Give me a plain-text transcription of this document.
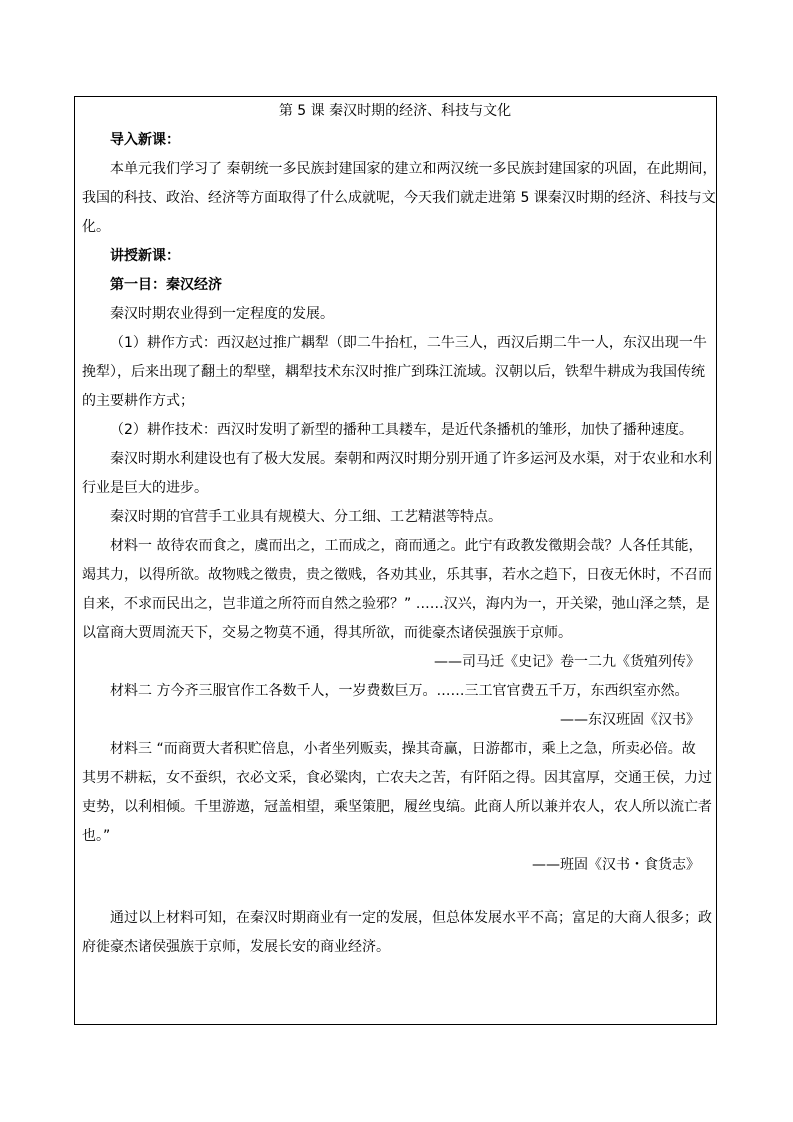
第 5 课 秦汉时期的经济、科技与文化
导入新课：
本单元我们学习了 秦朝统一多民族封建国家的建立和两汉统一多民族封建国家的巩固，在此期间，
我国的科技、政治、经济等方面取得了什么成就呢，今天我们就走进第 5 课秦汉时期的经济、科技与文
化。
讲授新课：
第一目：秦汉经济
秦汉时期农业得到一定程度的发展。
（1）耕作方式：西汉赵过推广耦犁（即二牛抬杠，二牛三人，西汉后期二牛一人，东汉出现一牛
挽犁），后来出现了翻土的犁壁，耦犁技术东汉时推广到珠江流域。汉朝以后，铁犁牛耕成为我国传统
的主要耕作方式；
（2）耕作技术：西汉时发明了新型的播种工具耧车，是近代条播机的雏形，加快了播种速度。
秦汉时期水利建设也有了极大发展。秦朝和两汉时期分别开通了许多运河及水渠，对于农业和水利
行业是巨大的进步。
秦汉时期的官营手工业具有规模大、分工细、工艺精湛等特点。
材料一 故待农而食之，虞而出之，工而成之，商而通之。此宁有政教发徵期会哉？人各任其能，
竭其力，以得所欲。故物贱之徵贵，贵之徵贱，各劝其业，乐其事，若水之趋下，日夜无休时，不召而
自来，不求而民出之，岂非道之所符而自然之验邪？” ……汉兴，海内为一，开关梁，弛山泽之禁，是
以富商大贾周流天下，交易之物莫不通，得其所欲，而徙豪杰诸侯强族于京师。
——司马迁《史记》卷一二九《货殖列传》
材料二 方今齐三服官作工各数千人，一岁费数巨万。……三工官官费五千万，东西织室亦然。
——东汉班固《汉书》
材料三 “而商贾大者积贮倍息，小者坐列贩卖，操其奇赢，日游都市，乘上之急，所卖必倍。故
其男不耕耘，女不蚕织，衣必文采，食必粱肉，亡农夫之苦，有阡陌之得。因其富厚，交通王侯，力过
吏势，以利相倾。千里游遨，冠盖相望，乘坚策肥，履丝曳缟。此商人所以兼并农人，农人所以流亡者
也。”
——班固《汉书・食货志》
通过以上材料可知，在秦汉时期商业有一定的发展，但总体发展水平不高；富足的大商人很多；政
府徙豪杰诸侯强族于京师，发展长安的商业经济。
